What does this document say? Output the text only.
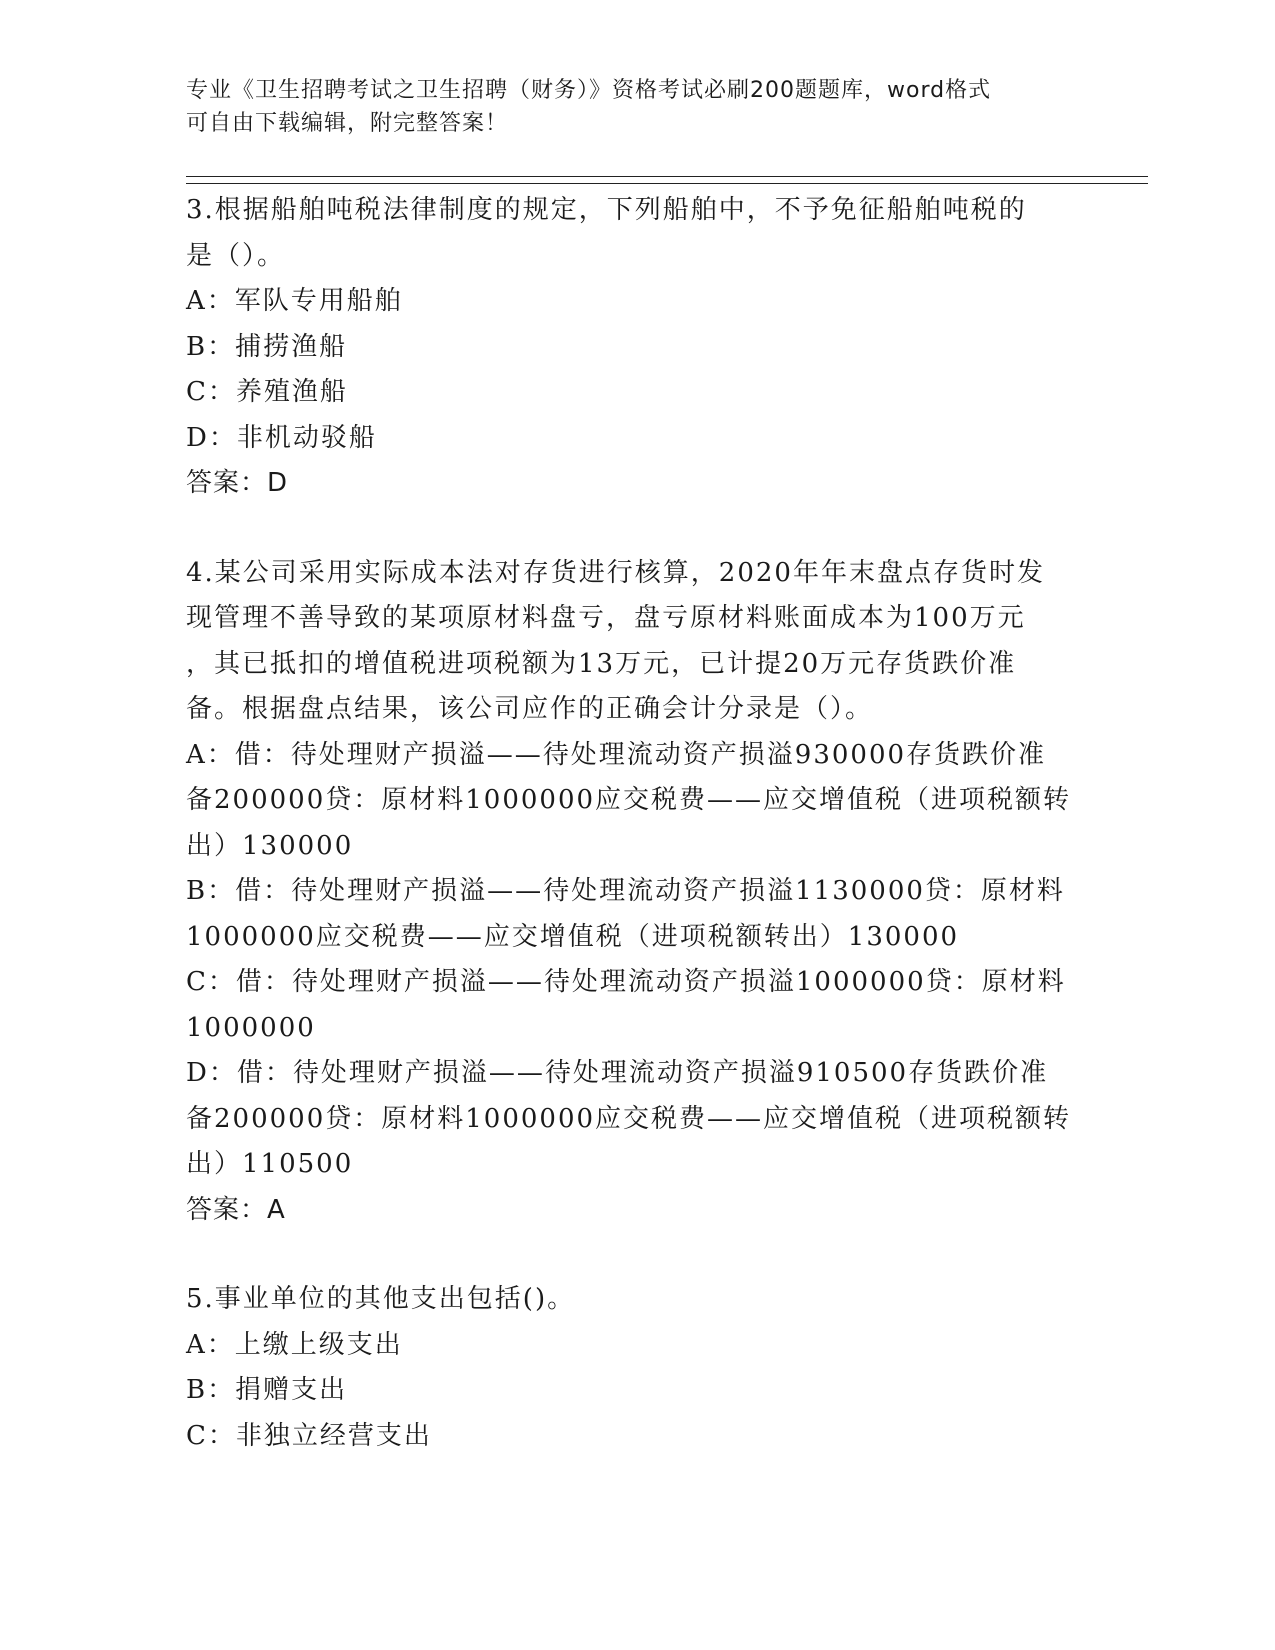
专业《卫生招聘考试之卫生招聘（财务）》资格考试必刷200题题库，word格式
可自由下载编辑，附完整答案！
3.根据船舶吨税法律制度的规定，下列船舶中，不予免征船舶吨税的
是（）。
A：军队专用船舶
B：捕捞渔船
C：养殖渔船
D：非机动驳船
答案：D
4.某公司采用实际成本法对存货进行核算，2020年年末盘点存货时发
现管理不善导致的某项原材料盘亏，盘亏原材料账面成本为100万元
，其已抵扣的增值税进项税额为13万元，已计提20万元存货跌价准
备。根据盘点结果，该公司应作的正确会计分录是（）。
A：借：待处理财产损溢——待处理流动资产损溢930000存货跌价准
备200000贷：原材料1000000应交税费——应交增值税（进项税额转
出）130000
B：借：待处理财产损溢——待处理流动资产损溢1130000贷：原材料
1000000应交税费——应交增值税（进项税额转出）130000
C：借：待处理财产损溢——待处理流动资产损溢1000000贷：原材料
1000000
D：借：待处理财产损溢——待处理流动资产损溢910500存货跌价准
备200000贷：原材料1000000应交税费——应交增值税（进项税额转
出）110500
答案：A
5.事业单位的其他支出包括()。
A：上缴上级支出
B：捐赠支出
C：非独立经营支出
